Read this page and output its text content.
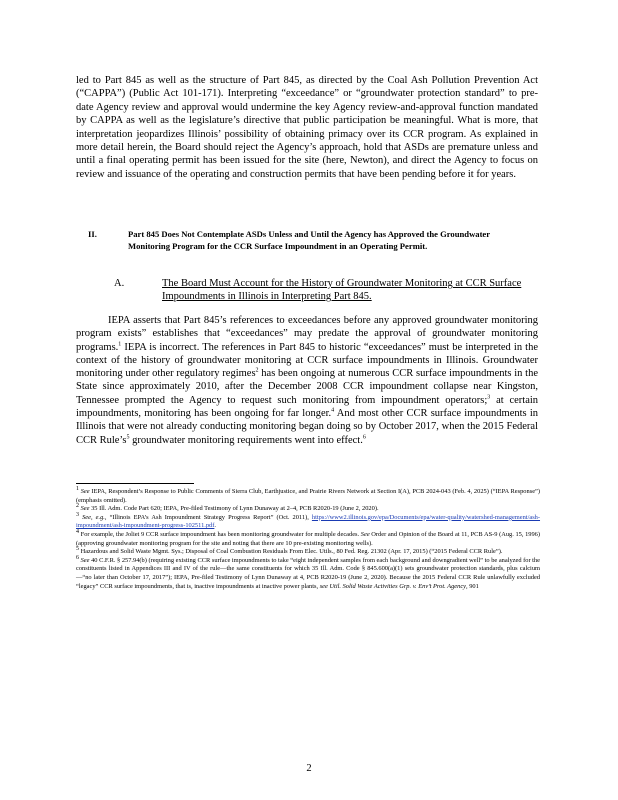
led to Part 845 as well as the structure of Part 845, as directed by the Coal Ash Pollution Prevention Act (“CAPPA”) (Public Act 101-171). Interpreting “exceedance” or “groundwater protection standard” to pre-date Agency review and approval would undermine the key Agency review-and-approval function mandated by CAPPA as well as the legislature’s directive that public participation be meaningful. What is more, that interpretation jeopardizes Illinois’ possibility of obtaining primacy over its CCR program. As explained in more detail herein, the Board should reject the Agency’s approach, hold that ASDs are premature unless and until a final operating permit has been issued for the site (here, Newton), and direct the Agency to focus on review and issuance of the operating and construction permits that have been pending before it for years.

II.	Part 845 Does Not Contemplate ASDs Unless and Until the Agency has Approved the Groundwater Monitoring Program for the CCR Surface Impoundment in an Operating Permit.
A.	The Board Must Account for the History of Groundwater Monitoring at CCR Surface Impoundments in Illinois in Interpreting Part 845.

IEPA asserts that Part 845’s references to exceedances before any approved groundwater monitoring program exists” establishes that “exceedances” may predate the approval of groundwater monitoring programs.$^1$ IEPA is incorrect. The references in Part 845 to historic “exceedances” must be interpreted in the context of the history of groundwater monitoring at CCR surface impoundments in Illinois. Groundwater monitoring under other regulatory regimes$^2$ has been ongoing at numerous CCR surface impoundments in the State since approximately 2010, after the December 2008 CCR impoundment collapse near Kingston, Tennessee prompted the Agency to request such monitoring from impoundment operators;$^3$ at certain impoundments, monitoring has been ongoing for far longer.$^4$ And most other CCR surface impoundments in Illinois that were not already conducting monitoring began doing so by October 2017, when the 2015 Federal CCR $Rule’s^5$ groundwater monitoring requirements went into effect.$^6$

$^1$ See IEPA, Respondent’s Response to Public Comments of Sierra Club, Earthjustice, and Prairie Rivers Network at Section I(A), PCB 2024-043 (Feb. 4, 2025) (“IEPA Response”) (emphasis omitted).

$^2$ See 35 Ill. Adm. Code Part 620; IEPA, Pre-filed Testimony of Lynn Dunaway at 2–4, PCB R2020-19 (June 2, 2020).

$^3$ See, e.g., “Illinois EPA’s Ash Impoundment Strategy Progress Report” (Oct. 2011), https://www2.illinois.gov/epa/Documents/epa/water-quality/watershed-management/ash-impoundment/ash-impoundment-progress-102511.pdf.

$^4$ For example, the Joliet 9 CCR surface impoundment has been monitoring groundwater for multiple decades. See Order and Opinion of the Board at 11, PCB AS-9 (Aug. 15, 1996) (approving groundwater monitoring program for the site and noting that there are 10 pre-existing monitoring wells).

$^5$ Hazardous and Solid Waste Mgmt. Sys.; Disposal of Coal Combustion Residuals From Elec. Utils., 80 Fed. Reg. 21302 (Apr. 17, 2015) (“2015 Federal CCR Rule”).

$^6$ See 40 C.F.R. § 257.94(b) (requiring existing CCR surface impoundments to take “eight independent samples from each background and downgradient well” to be analyzed for the constituents listed in Appendices III and IV of the rule—the same constituents for which 35 Ill. Adm. Code § 845.600(a)(1) sets groundwater protection standards, plus calcium—“no later than October 17, 2017”); IEPA, Pre-filed Testimony of Lynn Dunaway at 4, PCB R2020-19 (June 2, 2020). Because the 2015 Federal CCR Rule unlawfully excluded “legacy” CCR surface impoundments, that is, inactive impoundments at inactive power plants, see Util. Solid Waste Activities Grp. v. Env’t Prot. Agency, 901

2
